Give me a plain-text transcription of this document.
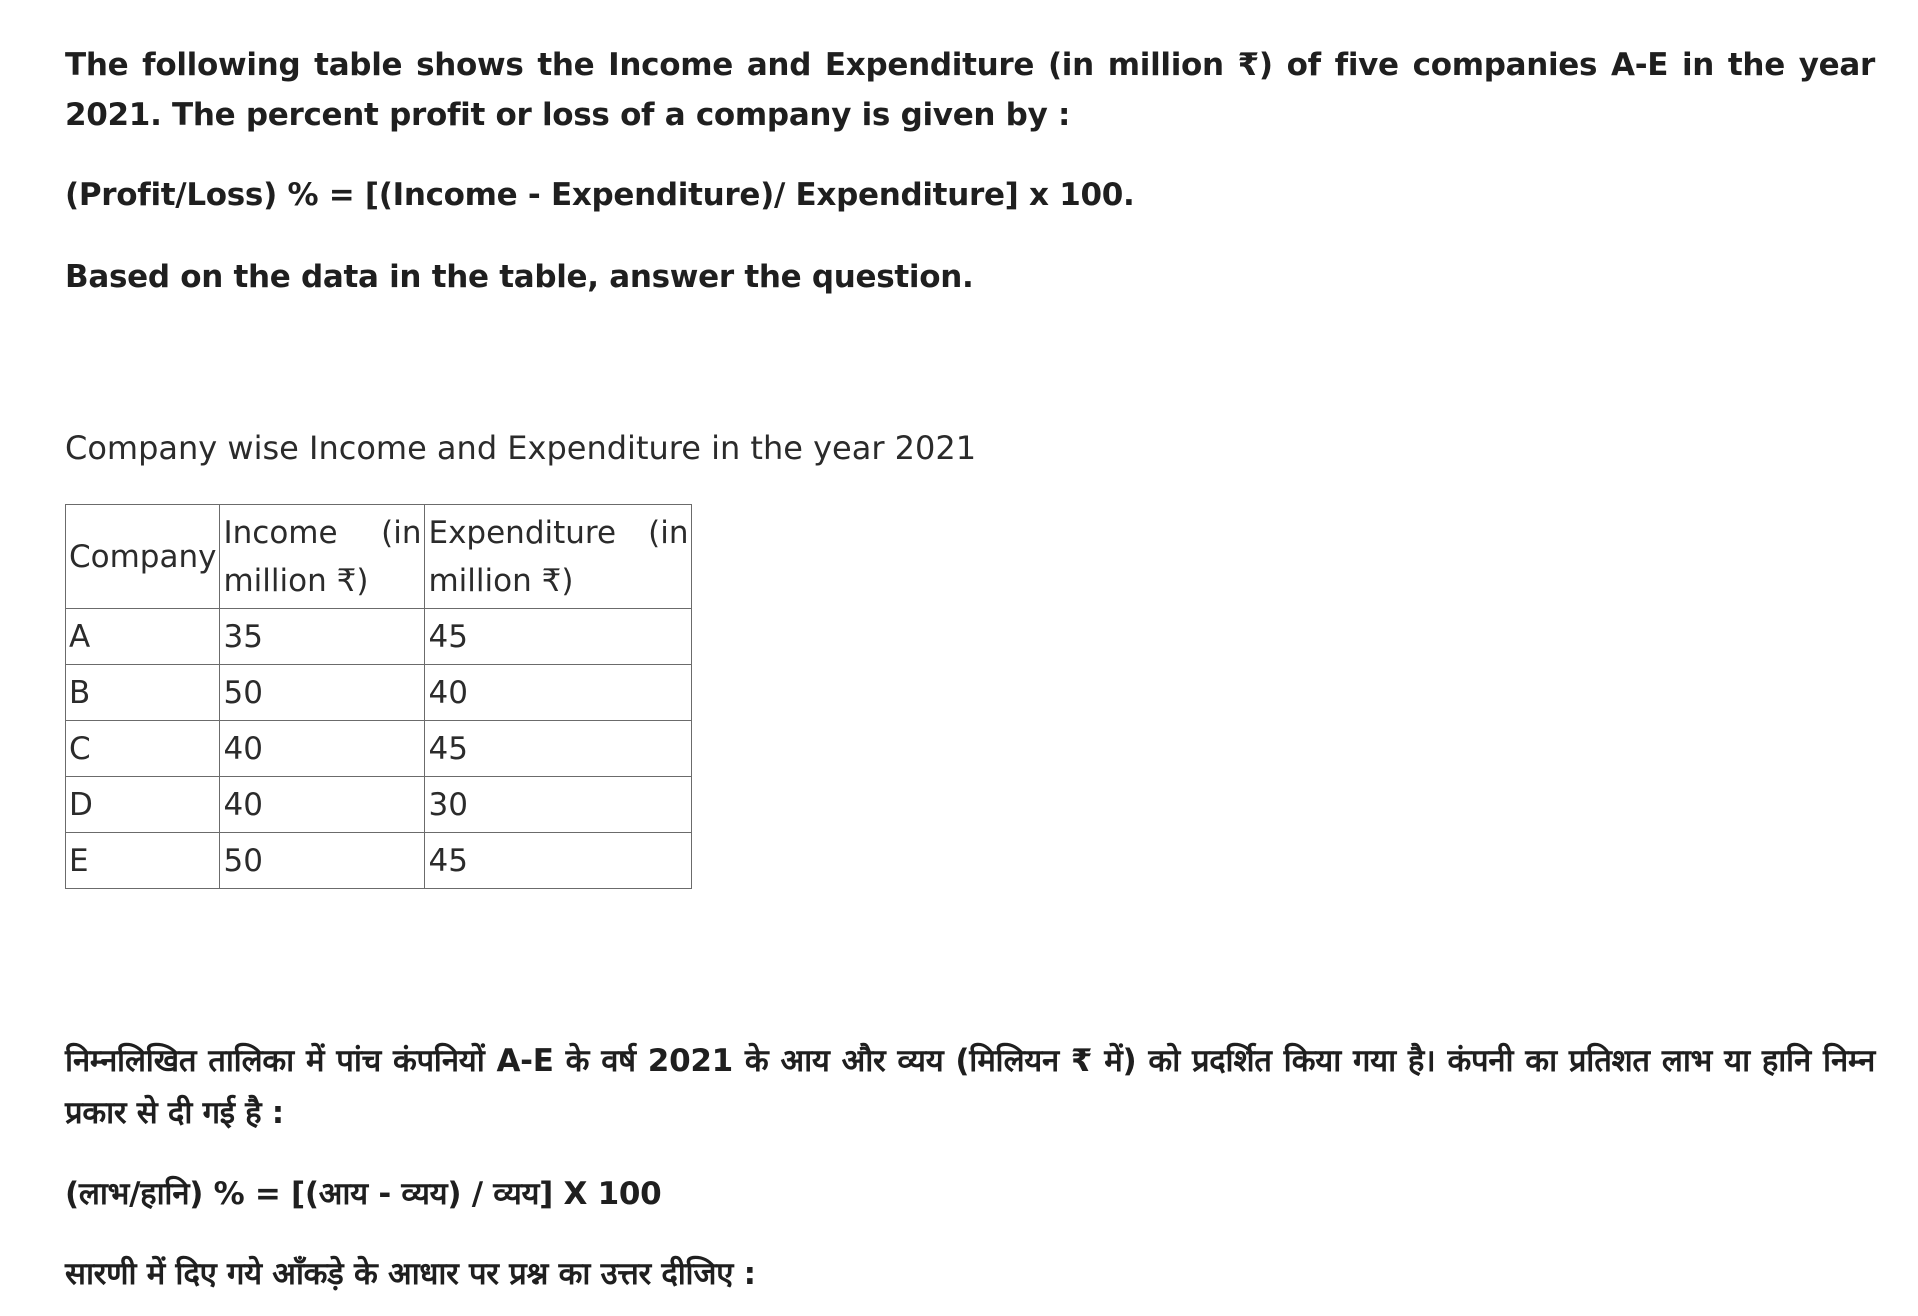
The following table shows the Income and Expenditure (in million ₹) of five companies A-E in the year 2021. The percent profit or loss of a company is given by :

(Profit/Loss) % = [(Income - Expenditure)/ Expenditure] x 100.

Based on the data in the table, answer the question.

Company wise Income and Expenditure in the year 2021

Company	Income (in million ₹)	Expenditure (in million ₹)

A	35	45
B	50	40
C	40	45
D	40	30
E	50	45

निम्नलिखित तालिका में पांच कंपनियों A-E के वर्ष 2021 के आय और व्यय (मिलियन ₹ में) को प्रदर्शित किया गया है। कंपनी का प्रतिशत लाभ या हानि निम्न प्रकार से दी गई है :

(लाभ/हानि) % = [(आय - व्यय) / व्यय] X 100

सारणी में दिए गये आँकड़े के आधार पर प्रश्न का उत्तर दीजिए :
